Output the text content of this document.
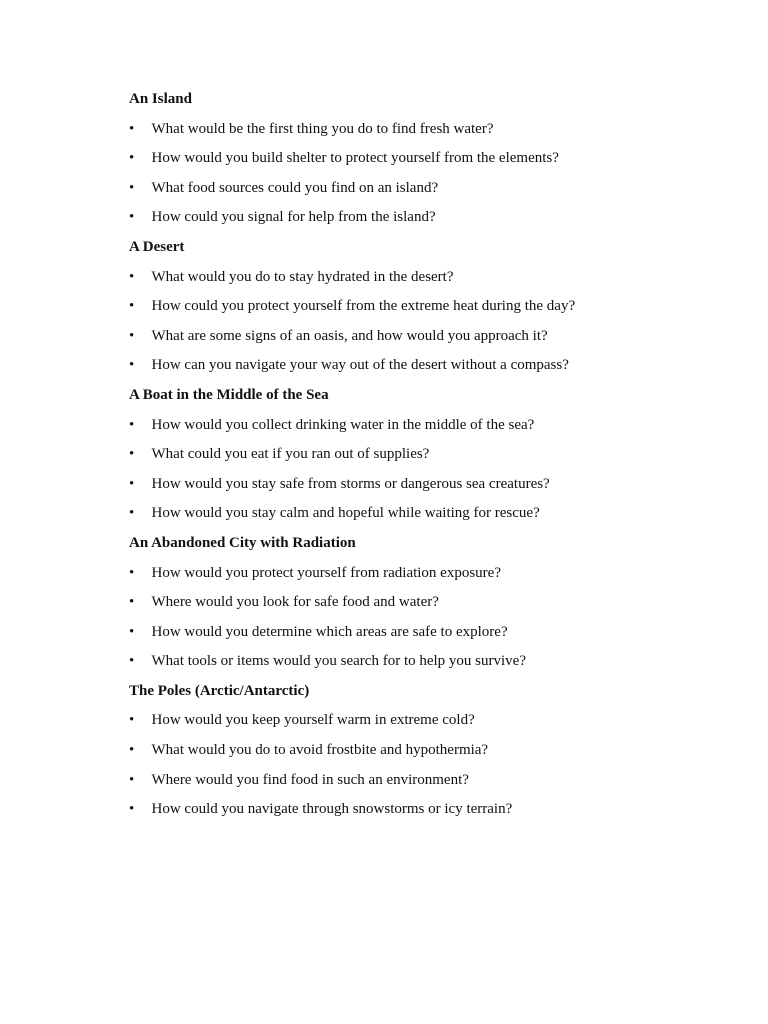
An Island
•	What would be the first thing you do to find fresh water?
•	How would you build shelter to protect yourself from the elements?
•	What food sources could you find on an island?
•	How could you signal for help from the island?
A Desert
•	What would you do to stay hydrated in the desert?
•	How could you protect yourself from the extreme heat during the day?
•	What are some signs of an oasis, and how would you approach it?
•	How can you navigate your way out of the desert without a compass?
A Boat in the Middle of the Sea
•	How would you collect drinking water in the middle of the sea?
•	What could you eat if you ran out of supplies?
•	How would you stay safe from storms or dangerous sea creatures?
•	How would you stay calm and hopeful while waiting for rescue?
An Abandoned City with Radiation
•	How would you protect yourself from radiation exposure?
•	Where would you look for safe food and water?
•	How would you determine which areas are safe to explore?
•	What tools or items would you search for to help you survive?
The Poles (Arctic/Antarctic)
•	How would you keep yourself warm in extreme cold?
•	What would you do to avoid frostbite and hypothermia?
•	Where would you find food in such an environment?
•	How could you navigate through snowstorms or icy terrain?
